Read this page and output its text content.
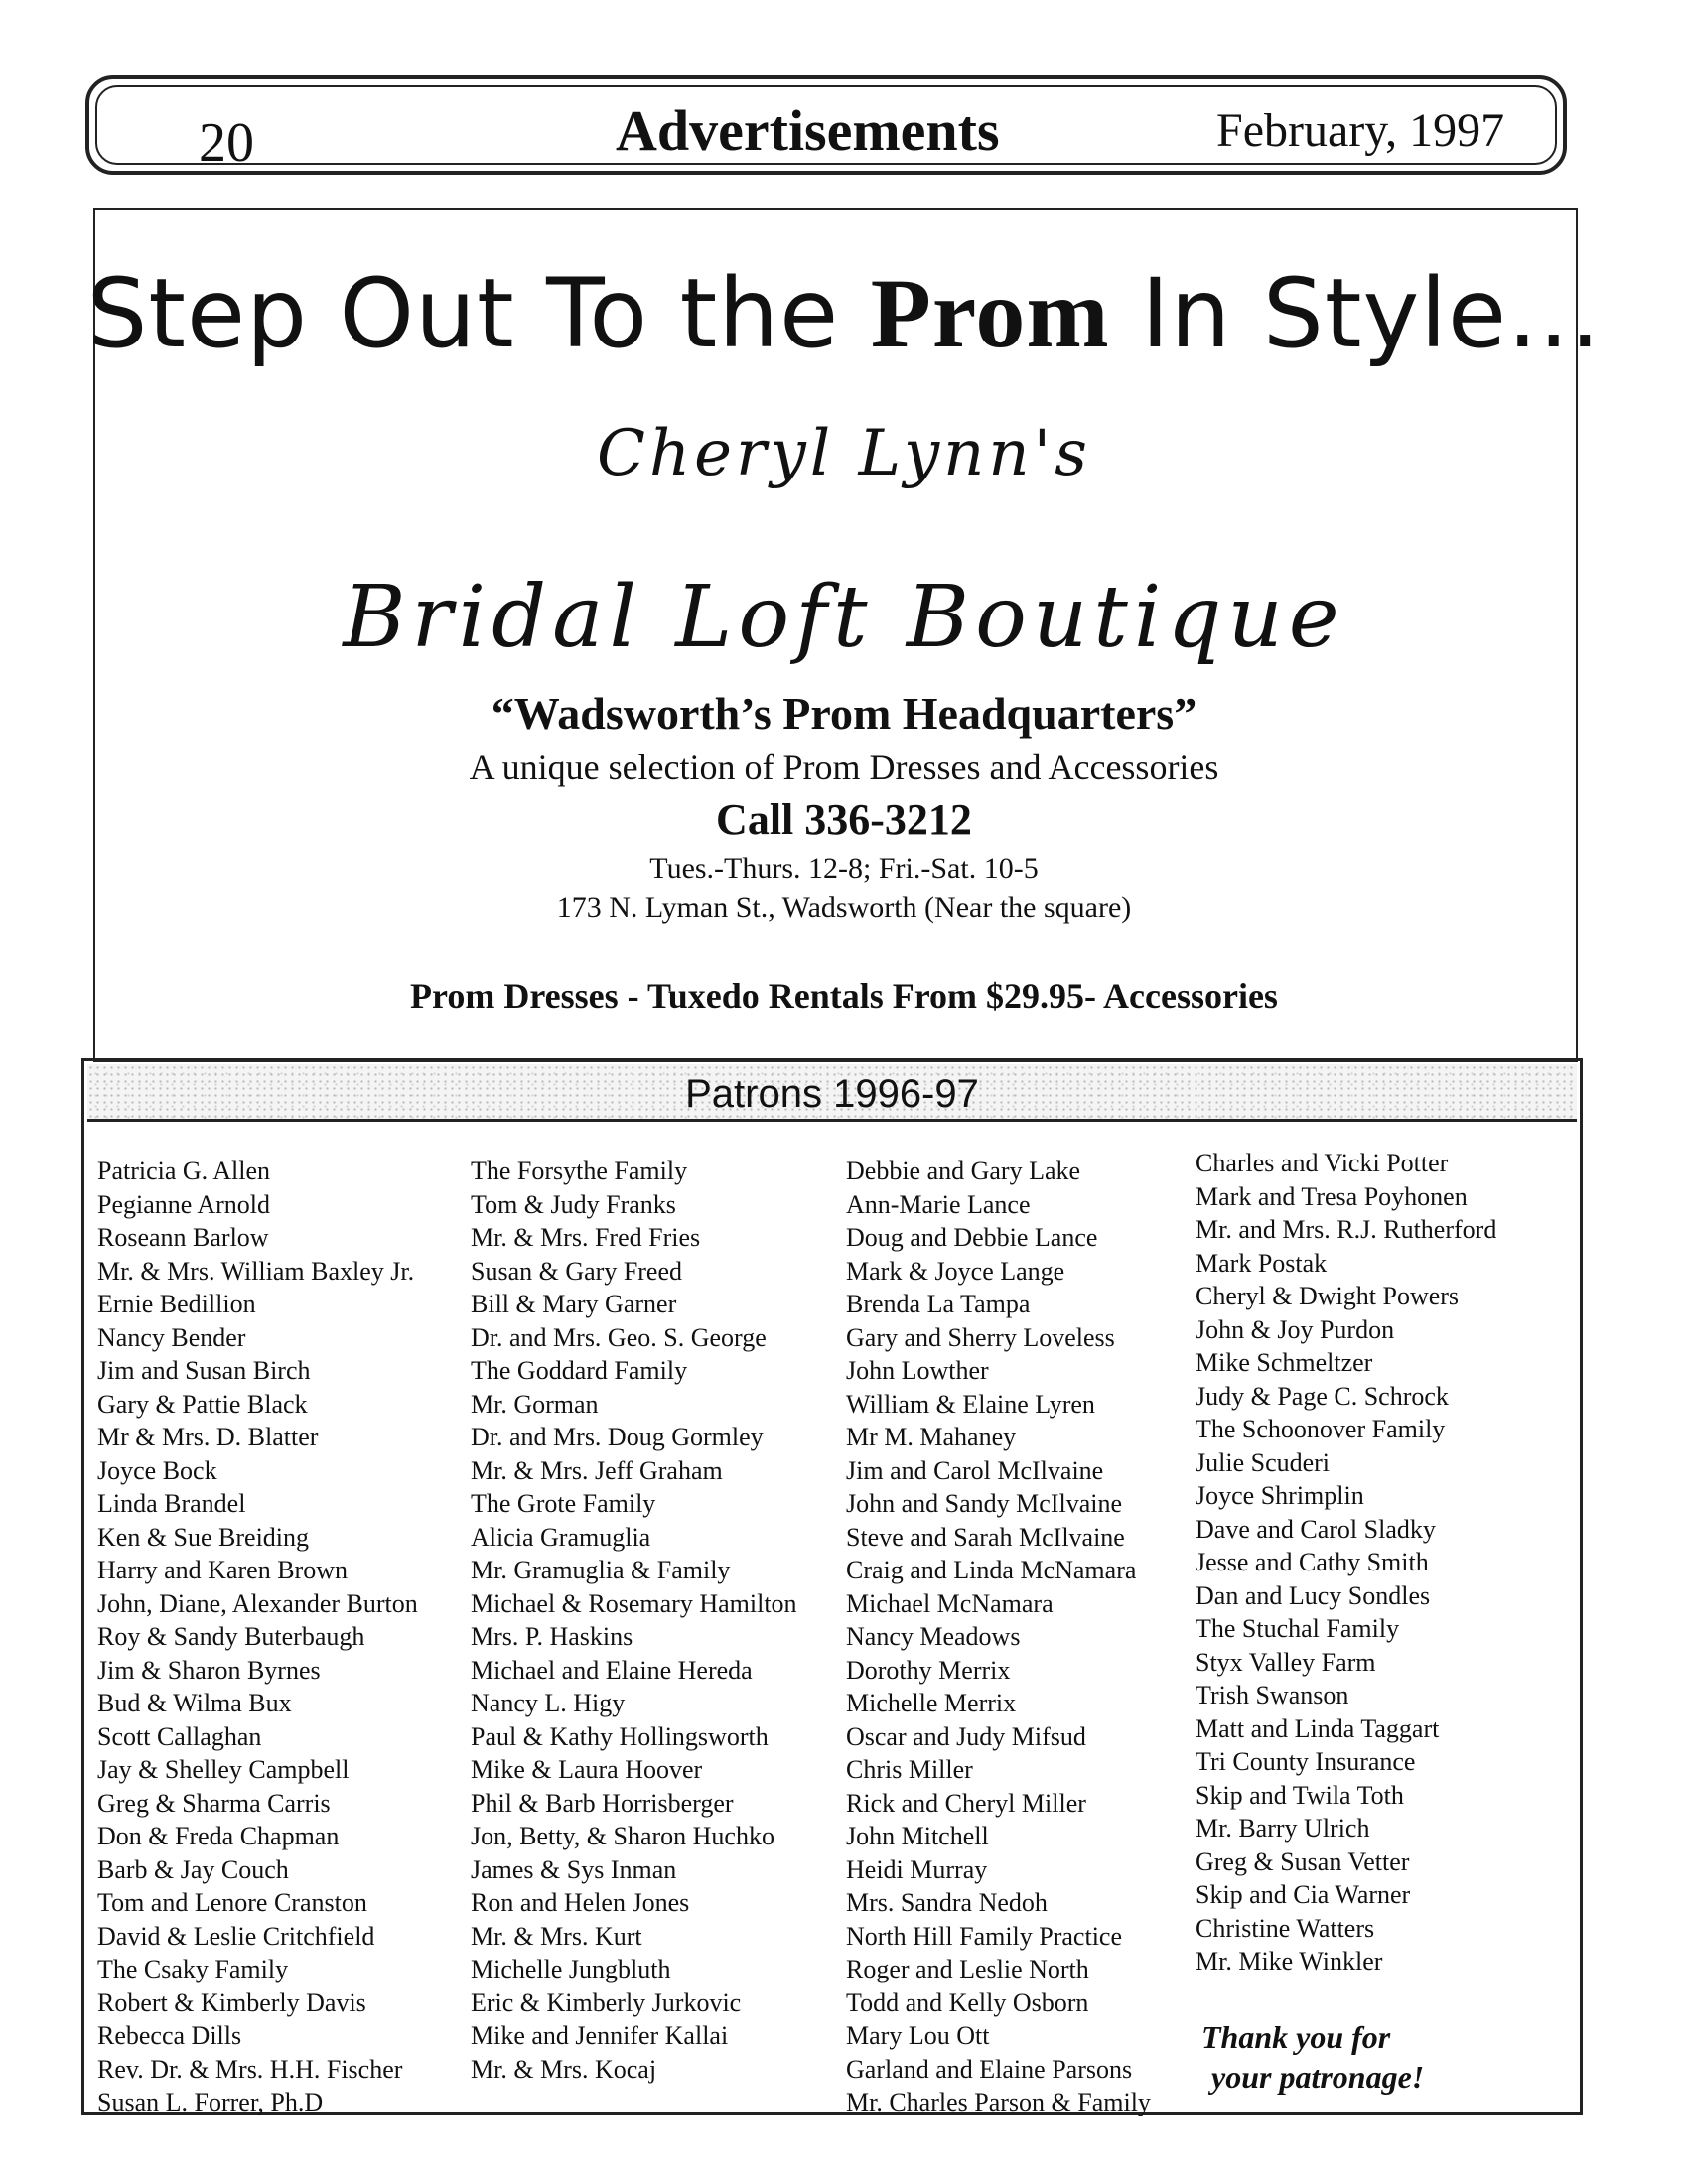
20	Advertisements	February, 1997
Step Out To the Prom In Style...
Cheryl Lynn's
Bridal Loft Boutique
“Wadsworth’s Prom Headquarters”
A unique selection of Prom Dresses and Accessories
Call 336-3212
Tues.-Thurs. 12-8; Fri.-Sat. 10-5
173 N. Lyman St., Wadsworth (Near the square)
Prom Dresses - Tuxedo Rentals From $29.95- Accessories
Patrons 1996-97
Patricia G. Allen
Pegianne Arnold
Roseann Barlow
Mr. & Mrs. William Baxley Jr.
Ernie Bedillion
Nancy Bender
Jim and Susan Birch
Gary & Pattie Black
Mr & Mrs. D. Blatter
Joyce Bock
Linda Brandel
Ken & Sue Breiding
Harry and Karen Brown
John, Diane, Alexander Burton
Roy & Sandy Buterbaugh
Jim & Sharon Byrnes
Bud & Wilma Bux
Scott Callaghan
Jay & Shelley Campbell
Greg & Sharma Carris
Don & Freda Chapman
Barb & Jay Couch
Tom and Lenore Cranston
David & Leslie Critchfield
The Csaky Family
Robert & Kimberly Davis
Rebecca Dills
Rev. Dr. & Mrs. H.H. Fischer
Susan L. Forrer, Ph.D
The Forsythe Family
Tom & Judy Franks
Mr. & Mrs. Fred Fries
Susan & Gary Freed
Bill & Mary Garner
Dr. and Mrs. Geo. S. George
The Goddard Family
Mr. Gorman
Dr. and Mrs. Doug Gormley
Mr. & Mrs. Jeff Graham
The Grote Family
Alicia Gramuglia
Mr. Gramuglia & Family
Michael & Rosemary Hamilton
Mrs. P. Haskins
Michael and Elaine Hereda
Nancy L. Higy
Paul & Kathy Hollingsworth
Mike & Laura Hoover
Phil & Barb Horrisberger
Jon, Betty, & Sharon Huchko
James & Sys Inman
Ron and Helen Jones
Mr. & Mrs. Kurt
Michelle Jungbluth
Eric & Kimberly Jurkovic
Mike and Jennifer Kallai
Mr. & Mrs. Kocaj
Debbie and Gary Lake
Ann-Marie Lance
Doug and Debbie Lance
Mark & Joyce Lange
Brenda La Tampa
Gary and Sherry Loveless
John Lowther
William & Elaine Lyren
Mr M. Mahaney
Jim and Carol McIlvaine
John and Sandy McIlvaine
Steve and Sarah McIlvaine
Craig and Linda McNamara
Michael McNamara
Nancy Meadows
Dorothy Merrix
Michelle Merrix
Oscar and Judy Mifsud
Chris Miller
Rick and Cheryl Miller
John Mitchell
Heidi Murray
Mrs. Sandra Nedoh
North Hill Family Practice
Roger and Leslie North
Todd and Kelly Osborn
Mary Lou Ott
Garland and Elaine Parsons
Mr. Charles Parson & Family
Charles and Vicki Potter
Mark and Tresa Poyhonen
Mr. and Mrs. R.J. Rutherford
Mark Postak
Cheryl & Dwight Powers
John & Joy Purdon
Mike Schmeltzer
Judy & Page C. Schrock
The Schoonover Family
Julie Scuderi
Joyce Shrimplin
Dave and Carol Sladky
Jesse and Cathy Smith
Dan and Lucy Sondles
The Stuchal Family
Styx Valley Farm
Trish Swanson
Matt and Linda Taggart
Tri County Insurance
Skip and Twila Toth
Mr. Barry Ulrich
Greg & Susan Vetter
Skip and Cia Warner
Christine Watters
Mr. Mike Winkler
Thank you for
your patronage!
